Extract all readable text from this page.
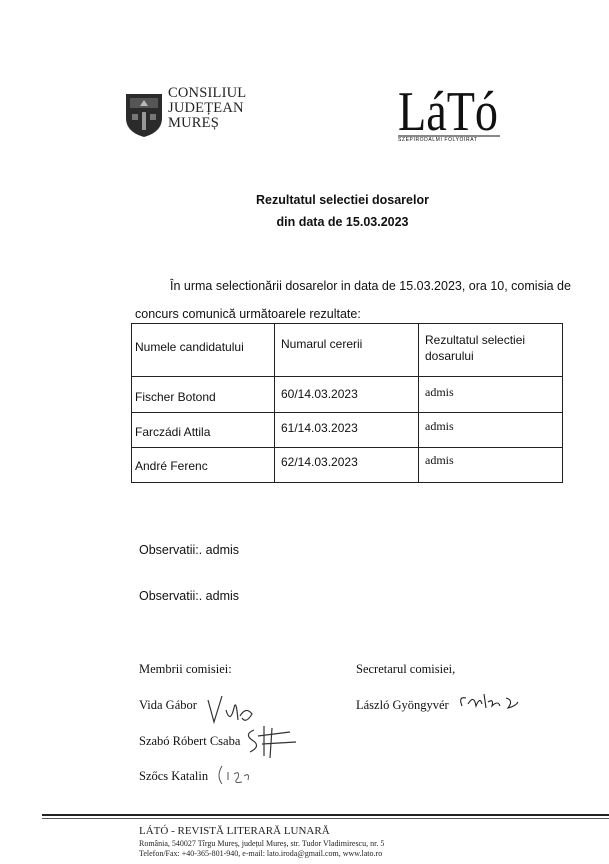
CONSILIUL
JUDEȚEAN
MUREȘ	LáTó
SZÉPIRODALMI FOLYÓIRAT
Rezultatul selectiei dosarelor
din data de 15.03.2023
În urma selectionării dosarelor in data de 15.03.2023, ora 10, comisia de
concurs comunică următoarele rezultate:
Numele candidatului	Numarul cererii	Rezultatul selectiei dosarului

Fischer Botond	60/14.03.2023	admis

Farczádi Attila	61/14.03.2023	admis

André Ferenc	62/14.03.2023	admis
Observatii:. admis
Observatii:. admis
Membrii comisiei:	Secretarul comisiei,
Vida Gábor
Szabó Róbert Csaba
Szőcs Katalin
László Gyöngyvér
LÁTÓ - REVISTĂ LITERARĂ LUNARĂ
România, 540027 Tîrgu Mureș, județul Mureș, str. Tudor Vladimirescu, nr. 5
Telefon/Fax: +40-365-801-940, e-mail: lato.iroda@gmail.com, www.lato.ro
